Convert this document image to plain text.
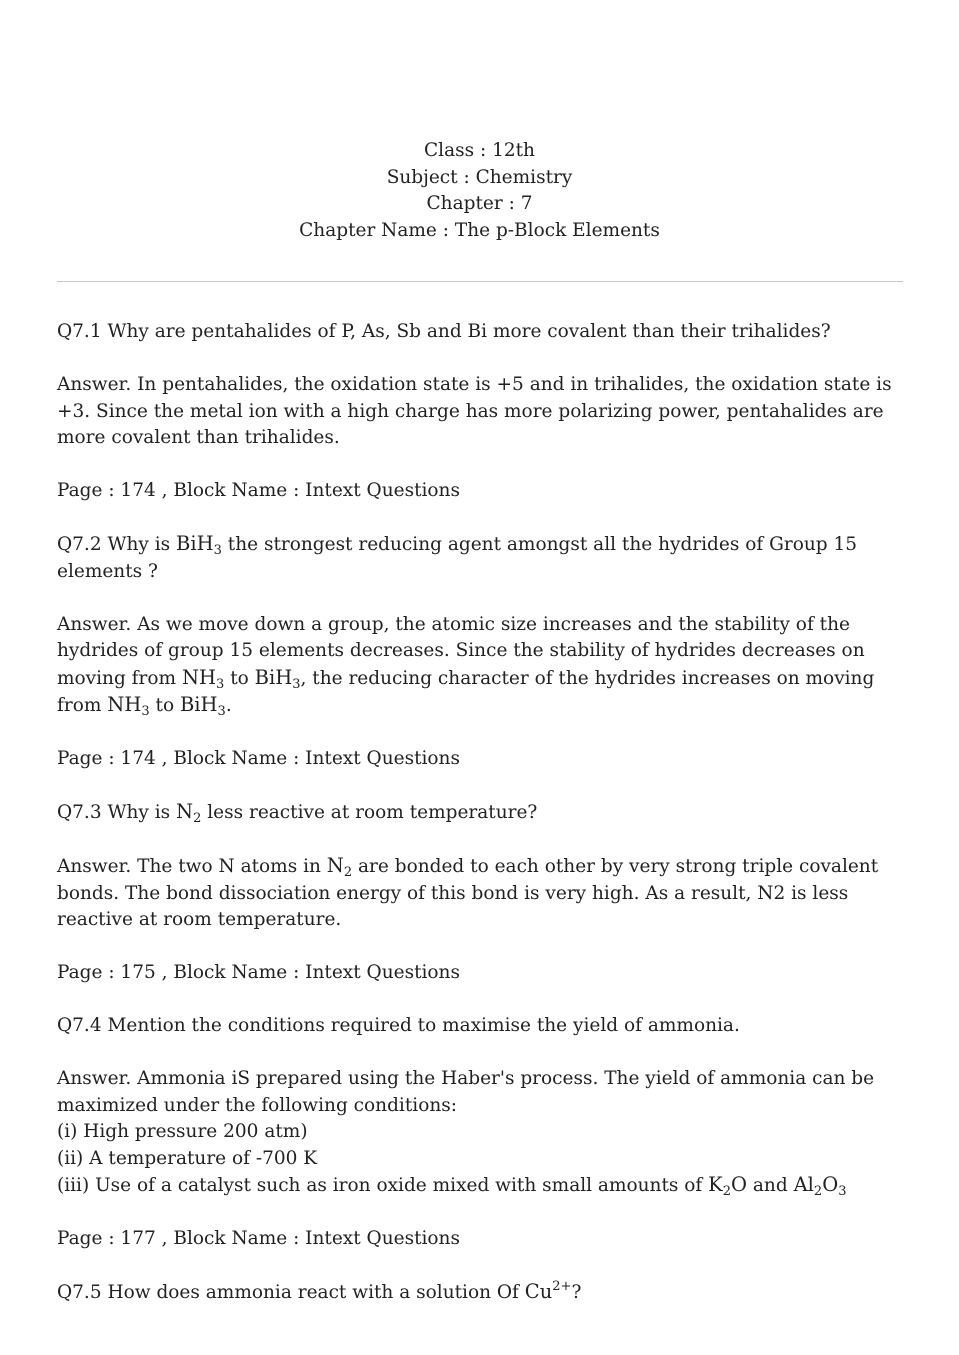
Class : 12th
Subject : Chemistry
Chapter : 7
Chapter Name : The p-Block Elements
Q7.1 Why are pentahalides of P, As, Sb and Bi more covalent than their trihalides?
Answer. In pentahalides, the oxidation state is +5 and in trihalides, the oxidation state is +3. Since the metal ion with a high charge has more polarizing power, pentahalides are more covalent than trihalides.
Page : 174 , Block Name : Intext Questions
Q7.2 Why is BiH$_3$ the strongest reducing agent amongst all the hydrides of Group 15 elements ?
Answer. As we move down a group, the atomic size increases and the stability of the hydrides of group 15 elements decreases. Since the stability of hydrides decreases on moving from $NH_3$ to BiH$_3$, the reducing character of the hydrides increases on moving from $NH_3$ to BiH$_3$.
Page : 174 , Block Name : Intext Questions
Q7.3 Why is $N_2$ less reactive at room temperature?
Answer. The two N atoms in $N_2$ are bonded to each other by very strong triple covalent bonds. The bond dissociation energy of this bond is very high. As a result, N2 is less reactive at room temperature.
Page : 175 , Block Name : Intext Questions
Q7.4 Mention the conditions required to maximise the yield of ammonia.
Answer. Ammonia iS prepared using the Haber's process. The yield of ammonia can be maximized under the following conditions:
(i) High pressure 200 atm)
(ii) A temperature of -700 K
(iii) Use of a catalyst such as iron oxide mixed with small amounts of $K_2O$ and $Al_2O_3$
Page : 177 , Block Name : Intext Questions
Q7.5 How does ammonia react with a solution Of $Cu^{2+}$?
